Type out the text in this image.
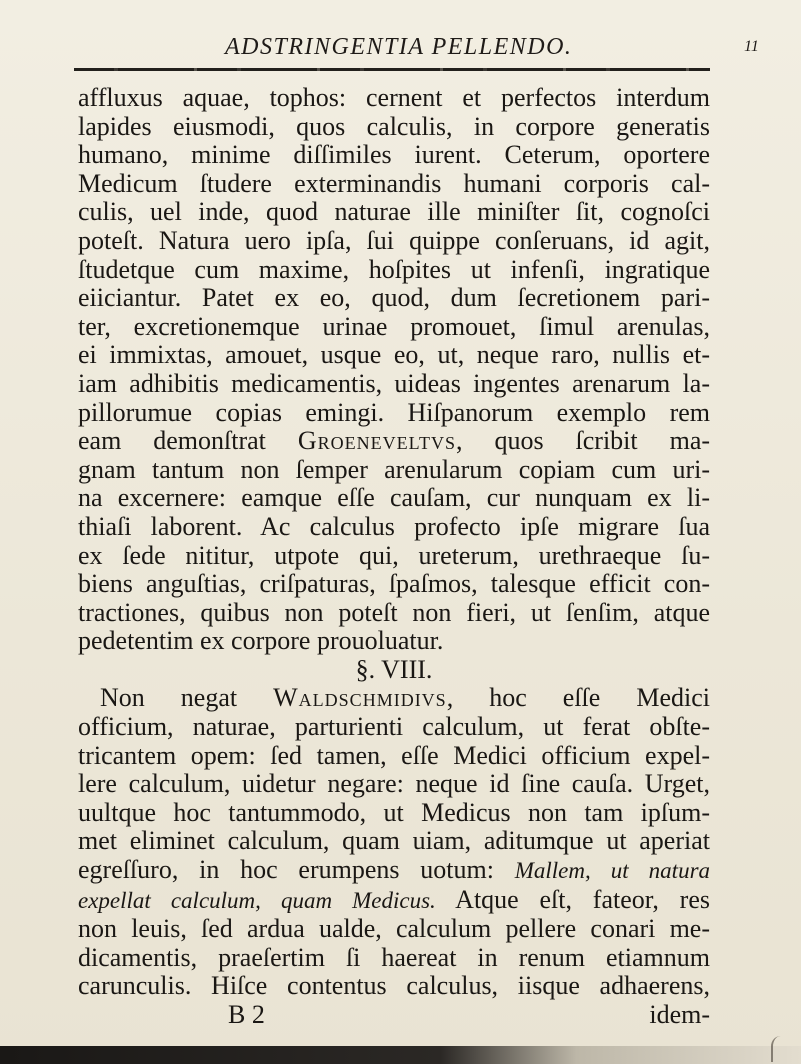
ADSTRINGENTIA PELLENDO.	11
affluxus aquae, tophos: cernent et perfectos interdum
lapides eiusmodi, quos calculis, in corpore generatis
humano, minime diſſimiles iurent. Ceterum, oportere
Medicum ſtudere exterminandis humani corporis cal-
culis, uel inde, quod naturae ille miniſter ſit, cognoſci
poteſt. Natura uero ipſa, ſui quippe conſeruans, id agit,
ſtudetque cum maxime, hoſpites ut infenſi, ingratique
eiiciantur. Patet ex eo, quod, dum ſecretionem pari-
ter, excretionemque urinae promouet, ſimul arenulas,
ei immixtas, amouet, usque eo, ut, neque raro, nullis et-
iam adhibitis medicamentis, uideas ingentes arenarum la-
pillorumue copias emingi. Hiſpanorum exemplo rem
eam demonſtrat Groeneveltvs, quos ſcribit ma-
gnam tantum non ſemper arenularum copiam cum uri-
na excernere: eamque eſſe cauſam, cur nunquam ex li-
thiaſi laborent. Ac calculus profecto ipſe migrare ſua
ex ſede nititur, utpote qui, ureterum, urethraeque ſu-
biens anguſtias, criſpaturas, ſpaſmos, talesque efficit con-
tractiones, quibus non poteſt non fieri, ut ſenſim, atque
pedetentim ex corpore prouoluatur.
§. VIII.
Non negat Waldschmidivs, hoc eſſe Medici
officium, naturae, parturienti calculum, ut ferat obſte-
tricantem opem: ſed tamen, eſſe Medici officium expel-
lere calculum, uidetur negare: neque id ſine cauſa. Urget,
uultque hoc tantummodo, ut Medicus non tam ipſum-
met eliminet calculum, quam uiam, aditumque ut aperiat
egreſſuro, in hoc erumpens uotum: Mallem, ut natura
expellat calculum, quam Medicus. Atque eſt, fateor, res
non leuis, ſed ardua ualde, calculum pellere conari me-
dicamentis, praeſertim ſi haereat in renum etiamnum
carunculis. Hiſce contentus calculus, iisque adhaerens,
B 2	idem-
